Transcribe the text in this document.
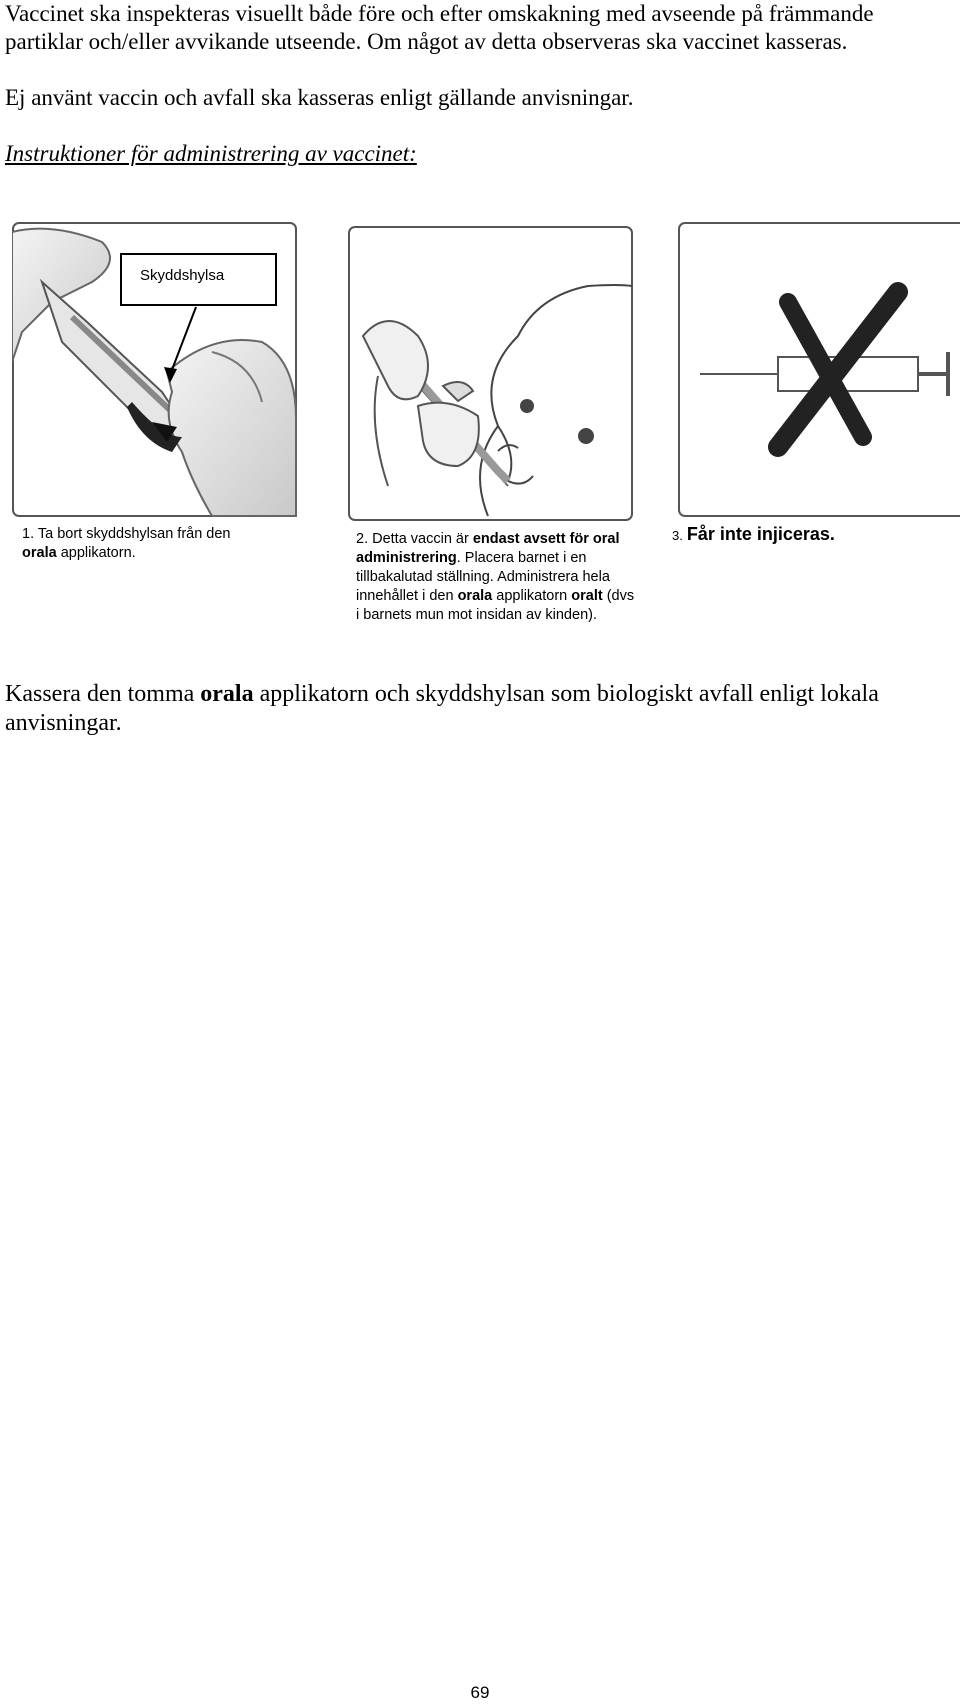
Vaccinet ska inspekteras visuellt både före och efter omskakning med avseende på främmande partiklar och/eller avvikande utseende. Om något av detta observeras ska vaccinet kasseras.

Ej använt vaccin och avfall ska kasseras enligt gällande anvisningar.

Instruktioner för administrering av vaccinet:

Skyddshylsa

1. Ta bort skyddshylsan från den
orala applikatorn.

2. Detta vaccin är endast avsett för oral administrering. Placera barnet i en tillbakalutad ställning. Administrera hela innehållet i den orala applikatorn oralt (dvs i barnets mun mot insidan av kinden).

3. Får inte injiceras.

Kassera den tomma orala applikatorn och skyddshylsan som biologiskt avfall enligt lokala anvisningar.

69
